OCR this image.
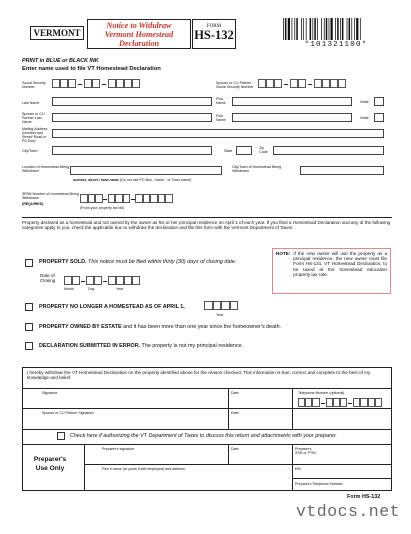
VERMONT
Notice to Withdraw
Vermont Homestead
Declaration
FORM
HS-132
*101321100*
PRINT in BLUE or BLACK INK
Enter name used to file VT Homestead Declaration
Social Security Number
Spouse or CU Partner Social Security Number
Last Name
First Name	Initial
Spouse or CU Partner Last Name
First Name	Initial
Mailing Address (Number and Street/ Road or PO Box)
City/Town	State
Zip Code
Location of Homestead Being Withdrawn
number, street / road name (Do not use PO Box, "name", or Town name)
City/Town of Homestead Being Withdrawn
SPAN Number of Homestead Being Withdrawn
(REQUIRED)
(From your property tax bill)
Property declared as a homestead and not owned by the owner as his or her principal residence on April 1 of each year. If you filed a Homestead Declaration and any of the following categories apply to you, check the applicable box to withdraw the declaration and file this form with the Vermont Department of Taxes.
PROPERTY SOLD. This notice must be filed within thirty (30) days of closing date.
Date of Closing
Month	Day	Year
NOTE: If the new owner will use the property as a principal residence, the new owner must file Form HS-131, VT Homestead Declaration, to be taxed at the homestead education property tax rate.
PROPERTY NO LONGER A HOMESTEAD AS OF APRIL 1,
Year
PROPERTY OWNED BY ESTATE and it has been more than one year since the homeowner's death.
DECLARATION SUBMITTED IN ERROR. The property is not my principal residence.
I hereby withdraw the VT Homestead Declaration on the property identified above for the reason checked. This information is true, correct and complete to the best of my knowledge and belief.
Signature	Date	Telephone Number (optional)
Spouse or CU Partner Signature	Date
Check here if authorizing the VT Department of Taxes to discuss this return and attachments with your preparer.
Preparer's
Use Only
Preparer's signature	Date	Preparer's SSN or PTIN
Firm's name (or yours if self-employed) and address	EIN
Preparer's Telephone Number
Form HS-132
vtdocs.net
